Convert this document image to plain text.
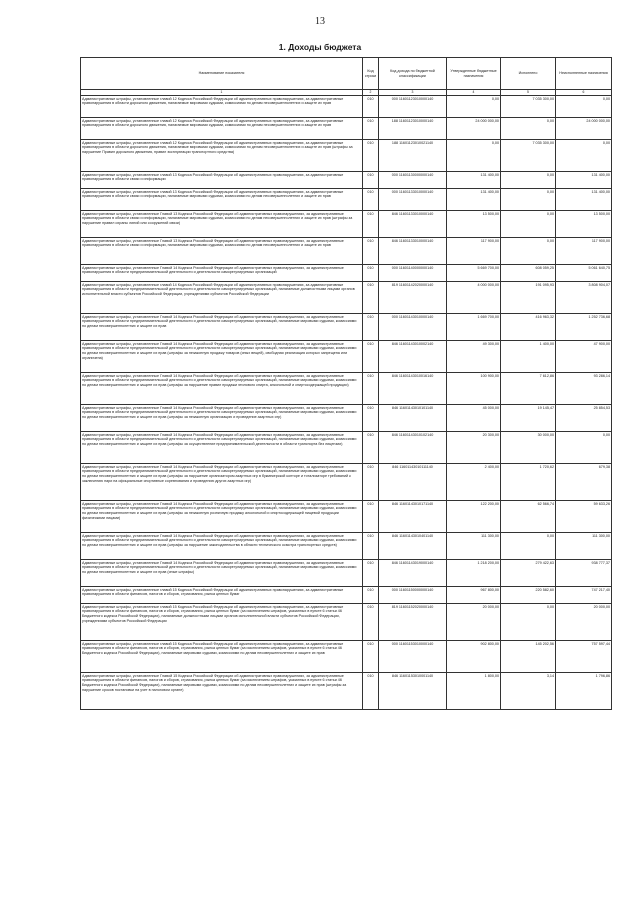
13
1. Доходы бюджета
Наименование показателя	Код строки	Код дохода по бюджетной классификации	Утвержденные бюджетные назначения	Исполнено	Неисполненные назначения
1	2	3	4	5	6
Административные штрафы, установленные главой 12 Кодекса Российской Федерации об административных правонарушениях, за административные правонарушения в области дорожного движения, налагаемые мировыми судьями, комиссиями по делам несовершеннолетних и защите их прав	010	000 11601123010000140	0,00	7 035 300,00	0,00
Административные штрафы, установленные главой 12 Кодекса Российской Федерации об административных правонарушениях, за административные правонарушения в области дорожного движения, налагаемые мировыми судьями, комиссиями по делам несовершеннолетних и защите их прав	010	188 11601123010000140	24 000 000,00	0,00	24 000 000,00
Административные штрафы, установленные главой 12 Кодекса Российской Федерации об административных правонарушениях, за административные правонарушения в области дорожного движения, налагаемые мировыми судьями, комиссиями по делам несовершеннолетних и защите их прав (штрафы за нарушение Правил дорожного движения, правил эксплуатации транспортного средства)	010	188 11601123010021140	0,00	7 035 300,00	0,00
Административные штрафы, установленные главой 13 Кодекса Российской Федерации об административных правонарушениях, за административные правонарушения в области связи и информации	010	000 11601130000000140	131 400,00	0,00	131 400,00
Административные штрафы, установленные главой 13 Кодекса Российской Федерации об административных правонарушениях, за административные правонарушения в области связи и информации, налагаемые мировыми судьями, комиссиями по делам несовершеннолетних и защите их прав	010	000 11601133010000140	131 400,00	0,00	131 400,00
Административные штрафы, установленные Главой 13 Кодекса Российской Федерации об административных правонарушениях, за административные правонарушения в области связи и информации, налагаемые мировыми судьями, комиссиями по делам несовершеннолетних и защите их прав (штрафы за нарушение правил охраны линий или сооружений связи)	010	846 11601133010000140	13 500,00	0,00	13 500,00
Административные штрафы, установленные Главой 13 Кодекса Российской Федерации об административных правонарушениях, за административные правонарушения в области связи и информации, налагаемые мировыми судьями, комиссиями по делам несовершеннолетних и защите их прав	010	846 11601133010000140	117 900,00	0,00	117 900,00
Административные штрафы, установленные Главой 14 Кодекса Российской Федерации об административных правонарушениях, за административные правонарушения в области предпринимательской деятельности и деятельности саморегулируемых организаций	010	000 11601140000000140	5 669 700,00	608 059,25	5 061 640,75
Административные штрафы, установленные главой 14 Кодекса Российской Федерации об административных правонарушениях, за административные правонарушения в области предпринимательской деятельности и деятельности саморегулируемых организаций, налагаемые должностными лицами органов исполнительной власти субъектов Российской Федерации, учреждениями субъектов Российской Федерации	010	819 11601142020000140	4 000 000,00	191 095,93	3 808 904,07
Административные штрафы, установленные Главой 14 Кодекса Российской Федерации об административных правонарушениях, за административные правонарушения в области предпринимательской деятельности и деятельности саморегулируемых организаций, налагаемые мировыми судьями, комиссиями по делам несовершеннолетних и защите их прав	010	000 11601143010000140	1 669 700,00	416 963,32	1 252 736,68
Административные штрафы, установленные Главой 14 Кодекса Российской Федерации об административных правонарушениях, за административные правонарушения в области предпринимательской деятельности и деятельности саморегулируемых организаций, налагаемые мировыми судьями, комиссиями по делам несовершеннолетних и защите их прав (штрафы за незаконную продажу товаров (иных вещей), свободная реализация которых запрещена или ограничена)	010	846 11601143010002140	49 300,00	1 400,00	47 900,00
Административные штрафы, установленные Главой 14 Кодекса Российской Федерации об административных правонарушениях, за административные правонарушения в области предпринимательской деятельности и деятельности саморегулируемых организаций, налагаемые мировыми судьями, комиссиями по делам несовершеннолетних и защите их прав (штрафы за нарушение правил продажи этилового спирта, алкогольной и спиртосодержащей продукции)	010	846 11601143010016140	100 900,00	7 612,86	93 286,14
Административные штрафы, установленные Главой 14 Кодекса Российской Федерации об административных правонарушениях, за административные правонарушения в области предпринимательской деятельности и деятельности саморегулируемых организаций, налагаемые мировыми судьями, комиссиями по делам несовершеннолетних и защите их прав (штрафы за незаконную организацию и проведение азартных игр)	010	846 11601143010101140	45 000,00	19 145,47	25 854,53
Административные штрафы, установленные Главой 14 Кодекса Российской Федерации об административных правонарушениях, за административные правонарушения в области предпринимательской деятельности и деятельности саморегулируемых организаций, налагаемые мировыми судьями, комиссиями по делам несовершеннолетних и защите их прав (штрафы за осуществление предпринимательской деятельности в области транспорта без лицензии)	010	846 11601143010102140	20 300,00	30 000,00	0,00
Административные штрафы, установленные Главой 14 Кодекса Российской Федерации об административных правонарушениях, за административные правонарушения в области предпринимательской деятельности и деятельности саморегулируемых организаций, налагаемые мировыми судьями, комиссиями по делам несовершеннолетних и защите их прав (штрафы за нарушение организатором азартных игр в букмекерской конторе и тотализаторе требований к заключению пари на официальные спортивные соревнования и проведению других азартных игр)	010	846 11601143010111140	2 400,00	1 720,62	679,38
Административные штрафы, установленные Главой 14 Кодекса Российской Федерации об административных правонарушениях, за административные правонарушения в области предпринимательской деятельности и деятельности саморегулируемых организаций, налагаемые мировыми судьями, комиссиями по делам несовершеннолетних и защите их прав (штрафы за незаконную розничную продажу алкогольной и спиртосодержащей пищевой продукции физическими лицами)	010	846 11601143010171140	122 200,00	62 566,74	59 633,26
Административные штрафы, установленные Главой 14 Кодекса Российской Федерации об административных правонарушениях, за административные правонарушения в области предпринимательской деятельности и деятельности саморегулируемых организаций, налагаемые мировыми судьями, комиссиями по делам несовершеннолетних и защите их прав (штрафы за нарушение законодательства в области технического осмотра транспортных средств)	010	846 11601143010401140	111 300,00	0,00	111 300,00
Административные штрафы, установленные Главой 14 Кодекса Российской Федерации об административных правонарушениях, за административные правонарушения в области предпринимательской деятельности и деятельности саморегулируемых организаций, налагаемые мировыми судьями, комиссиями по делам несовершеннолетних и защите их прав (иные штрафы)	010	846 11601143019000140	1 218 200,00	279 422,63	938 777,37
Административные штрафы, установленные главой 15 Кодекса Российской Федерации об административных правонарушениях, за административные правонарушения в области финансов, налогов и сборов, страхования, рынка ценных бумаг	010	000 11601150000000140	967 800,00	220 582,60	747 217,40
Административные штрафы, установленные главой 15 Кодекса Российской Федерации об административных правонарушениях, за административные правонарушения в области финансов, налогов и сборов, страхования, рынка ценных бумаг (за исключением штрафов, указанных в пункте 6 статьи 46 Бюджетного кодекса Российской Федерации), налагаемые должностными лицами органов исполнительной власти субъектов Российской Федерации, учреждениями субъектов Российской Федерации	010	819 11601152020000140	20 000,00	0,00	20 000,00
Административные штрафы, установленные главой 15 Кодекса Российской Федерации об административных правонарушениях, за административные правонарушения в области финансов, налогов и сборов, страхования, рынка ценных бумаг (за исключением штрафов, указанных в пункте 6 статьи 46 Бюджетного кодекса Российской Федерации), налагаемые мировыми судьями, комиссиями по делам несовершеннолетних и защите их прав	010	000 11601153010000140	902 800,00	145 202,56	757 597,44
Административные штрафы, установленные Главой 15 Кодекса Российской Федерации об административных правонарушениях, за административные правонарушения в области финансов, налогов и сборов, страхования, рынка ценных бумаг (за исключением штрафов, указанных в пункте 6 статьи 46 Бюджетного кодекса Российской Федерации), налагаемые мировыми судьями, комиссиями по делам несовершеннолетних и защите их прав (штрафы за нарушение сроков постановки на учет в налоговом органе)	010	846 11601153010001140	1 800,00	3,14	1 796,86
